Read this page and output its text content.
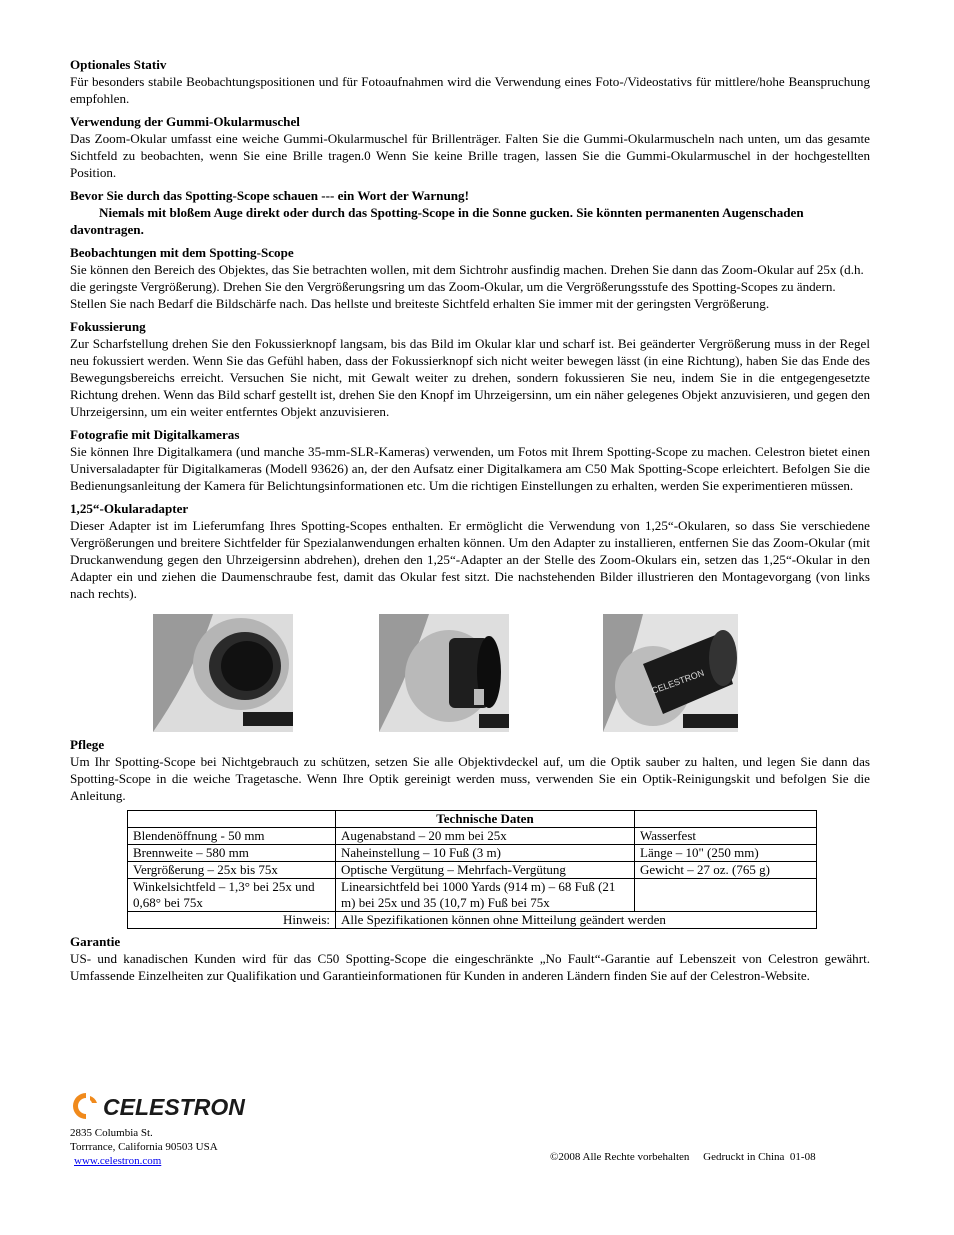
Optionales Stativ
Für besonders stabile Beobachtungspositionen und für Fotoaufnahmen wird die Verwendung eines Foto-/Videostativs für mittlere/hohe Beanspruchung empfohlen.
Verwendung der Gummi-Okularmuschel
Das Zoom-Okular umfasst eine weiche Gummi-Okularmuschel für Brillenträger. Falten Sie die Gummi-Okularmuscheln nach unten, um das gesamte Sichtfeld zu beobachten, wenn Sie eine Brille tragen.0 Wenn Sie keine Brille tragen, lassen Sie die Gummi-Okularmuschel in der hochgestellten Position.
Bevor Sie durch das Spotting-Scope schauen --- ein Wort der Warnung!
Niemals mit bloßem Auge direkt oder durch das Spotting-Scope in die Sonne gucken. Sie könnten permanenten Augenschaden davontragen.
Beobachtungen mit dem Spotting-Scope
Sie können den Bereich des Objektes, das Sie betrachten wollen, mit dem Sichtrohr ausfindig machen. Drehen Sie dann das Zoom-Okular auf 25x (d.h. die geringste Vergrößerung). Drehen Sie den Vergrößerungsring um das Zoom-Okular, um die Vergrößerungsstufe des Spotting-Scopes zu ändern. Stellen Sie nach Bedarf die Bildschärfe nach. Das hellste und breiteste Sichtfeld erhalten Sie immer mit der geringsten Vergrößerung.
Fokussierung
Zur Scharfstellung drehen Sie den Fokussierknopf langsam, bis das Bild im Okular klar und scharf ist. Bei geänderter Vergrößerung muss in der Regel neu fokussiert werden. Wenn Sie das Gefühl haben, dass der Fokussierknopf sich nicht weiter bewegen lässt (in eine Richtung), haben Sie das Ende des Bewegungsbereichs erreicht. Versuchen Sie nicht, mit Gewalt weiter zu drehen, sondern fokussieren Sie neu, indem Sie in die entgegengesetzte Richtung drehen. Wenn das Bild scharf gestellt ist, drehen Sie den Knopf im Uhrzeigersinn, um ein näher gelegenes Objekt anzuvisieren, und gegen den Uhrzeigersinn, um ein weiter entferntes Objekt anzuvisieren.
Fotografie mit Digitalkameras
Sie können Ihre Digitalkamera (und manche 35-mm-SLR-Kameras) verwenden, um Fotos mit Ihrem Spotting-Scope zu machen. Celestron bietet einen Universaladapter für Digitalkameras (Modell 93626) an, der den Aufsatz einer Digitalkamera am C50 Mak Spotting-Scope erleichtert. Befolgen Sie die Bedienungsanleitung der Kamera für Belichtungsinformationen etc. Um die richtigen Einstellungen zu erhalten, werden Sie experimentieren müssen.
1,25“-Okularadapter
Dieser Adapter ist im Lieferumfang Ihres Spotting-Scopes enthalten. Er ermöglicht die Verwendung von 1,25“-Okularen, so dass Sie verschiedene Vergrößerungen und breitere Sichtfelder für Spezialanwendungen erhalten können. Um den Adapter zu installieren, entfernen Sie das Zoom-Okular (mit Druckanwendung gegen den Uhrzeigersinn abdrehen), drehen den 1,25“-Adapter an der Stelle des Zoom-Okulars ein, setzen das 1,25“-Okular in den Adapter ein und ziehen die Daumenschraube fest, damit das Okular fest sitzt. Die nachstehenden Bilder illustrieren den Montagevorgang (von links nach rechts).
CELESTRON
Pflege
Um Ihr Spotting-Scope bei Nichtgebrauch zu schützen, setzen Sie alle Objektivdeckel auf, um die Optik sauber zu halten, und legen Sie dann das Spotting-Scope in die weiche Tragetasche. Wenn Ihre Optik gereinigt werden muss, verwenden Sie ein Optik-Reinigungskit und befolgen Sie die Anleitung.
	Technische Daten	
Blendenöffnung - 50 mm	Augenabstand – 20 mm bei 25x	Wasserfest
Brennweite – 580 mm	Naheinstellung – 10 Fuß (3 m)	Länge – 10" (250 mm)
Vergrößerung – 25x bis 75x	Optische Vergütung – Mehrfach-Vergütung	Gewicht – 27 oz. (765 g)
Winkelsichtfeld – 1,3° bei 25x und 0,68° bei 75x	Linearsichtfeld bei 1000 Yards (914 m) – 68 Fuß (21 m) bei 25x und 35 (10,7 m) Fuß bei 75x	
Hinweis:	Alle Spezifikationen können ohne Mitteilung geändert werden	
Garantie
US- und kanadischen Kunden wird für das C50 Spotting-Scope die eingeschränkte „No Fault“-Garantie auf Lebenszeit von Celestron gewährt. Umfassende Einzelheiten zur Qualifikation und Garantieinformationen für Kunden in anderen Ländern finden Sie auf der Celestron-Website.
CELESTRON
2835 Columbia St.
Torrrance, California 90503 USA
www.celestron.com	©2008 Alle Rechte vorbehalten     Gedruckt in China  01-08
